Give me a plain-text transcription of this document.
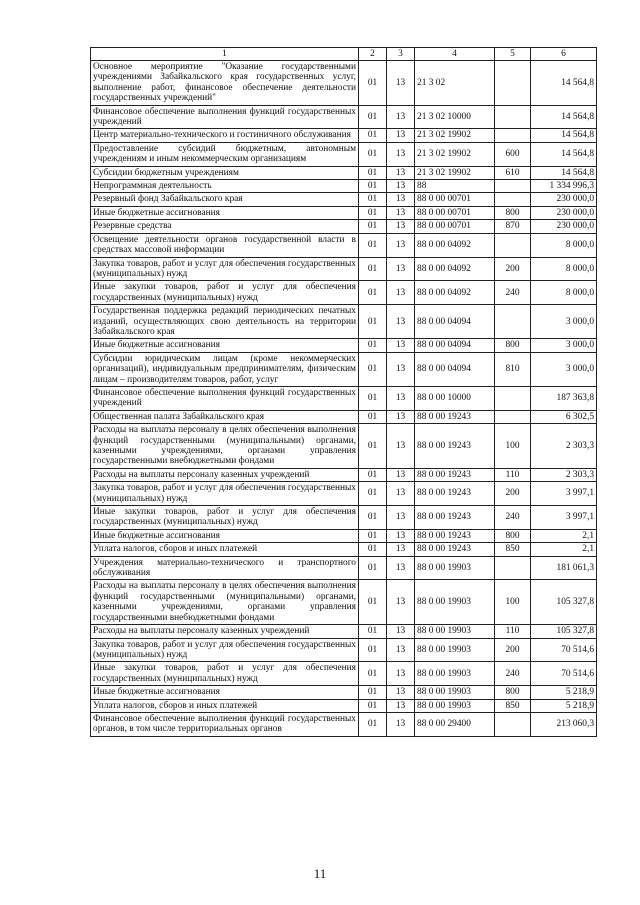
1	2	3	4	5	6
Основное мероприятие "Оказание государственными учреждениями Забайкальского края государственных услуг, выполнение работ, финансовое обеспечение деятельности государственных учреждений"	01	13	21 3 02		14 564,8
Финансовое обеспечение выполнения функций государственных учреждений	01	13	21 3 02 10000		14 564,8
Центр материально-технического и гостиничного обслуживания	01	13	21 3 02 19902		14 564,8
Предоставление субсидий бюджетным, автономным учреждениям и иным некоммерческим организациям	01	13	21 3 02 19902	600	14 564,8
Субсидии бюджетным учреждениям	01	13	21 3 02 19902	610	14 564,8
Непрограммная деятельность	01	13	88		1 334 996,3
Резервный фонд Забайкальского края	01	13	88 0 00 00701		230 000,0
Иные бюджетные ассигнования	01	13	88 0 00 00701	800	230 000,0
Резервные средства	01	13	88 0 00 00701	870	230 000,0
Освещение деятельности органов государственной власти в средствах массовой информации	01	13	88 0 00 04092		8 000,0
Закупка товаров, работ и услуг для обеспечения государственных (муниципальных) нужд	01	13	88 0 00 04092	200	8 000,0
Иные закупки товаров, работ и услуг для обеспечения государственных (муниципальных) нужд	01	13	88 0 00 04092	240	8 000,0
Государственная поддержка редакций периодических печатных изданий, осуществляющих свою деятельность на территории Забайкальского края	01	13	88 0 00 04094		3 000,0
Иные бюджетные ассигнования	01	13	88 0 00 04094	800	3 000,0
Субсидии юридическим лицам (кроме некоммерческих организаций), индивидуальным предпринимателям, физическим лицам – производителям товаров, работ, услуг	01	13	88 0 00 04094	810	3 000,0
Финансовое обеспечение выполнения функций государственных учреждений	01	13	88 0 00 10000		187 363,8
Общественная палата Забайкальского края	01	13	88 0 00 19243		6 302,5
Расходы на выплаты персоналу в целях обеспечения выполнения функций государственными (муниципальными) органами, казенными учреждениями, органами управления государственными внебюджетными фондами	01	13	88 0 00 19243	100	2 303,3
Расходы на выплаты персоналу казенных учреждений	01	13	88 0 00 19243	110	2 303,3
Закупка товаров, работ и услуг для обеспечения государственных (муниципальных) нужд	01	13	88 0 00 19243	200	3 997,1
Иные закупки товаров, работ и услуг для обеспечения государственных (муниципальных) нужд	01	13	88 0 00 19243	240	3 997,1
Иные бюджетные ассигнования	01	13	88 0 00 19243	800	2,1
Уплата налогов, сборов и иных платежей	01	13	88 0 00 19243	850	2,1
Учреждения материально-технического и транспортного обслуживания	01	13	88 0 00 19903		181 061,3
Расходы на выплаты персоналу в целях обеспечения выполнения функций государственными (муниципальными) органами, казенными учреждениями, органами управления государственными внебюджетными фондами	01	13	88 0 00 19903	100	105 327,8
Расходы на выплаты персоналу казенных учреждений	01	13	88 0 00 19903	110	105 327,8
Закупка товаров, работ и услуг для обеспечения государственных (муниципальных) нужд	01	13	88 0 00 19903	200	70 514,6
Иные закупки товаров, работ и услуг для обеспечения государственных (муниципальных) нужд	01	13	88 0 00 19903	240	70 514,6
Иные бюджетные ассигнования	01	13	88 0 00 19903	800	5 218,9
Уплата налогов, сборов и иных платежей	01	13	88 0 00 19903	850	5 218,9
Финансовое обеспечение выполнения функций государственных органов, в том числе территориальных органов	01	13	88 0 00 29400		213 060,3
11
